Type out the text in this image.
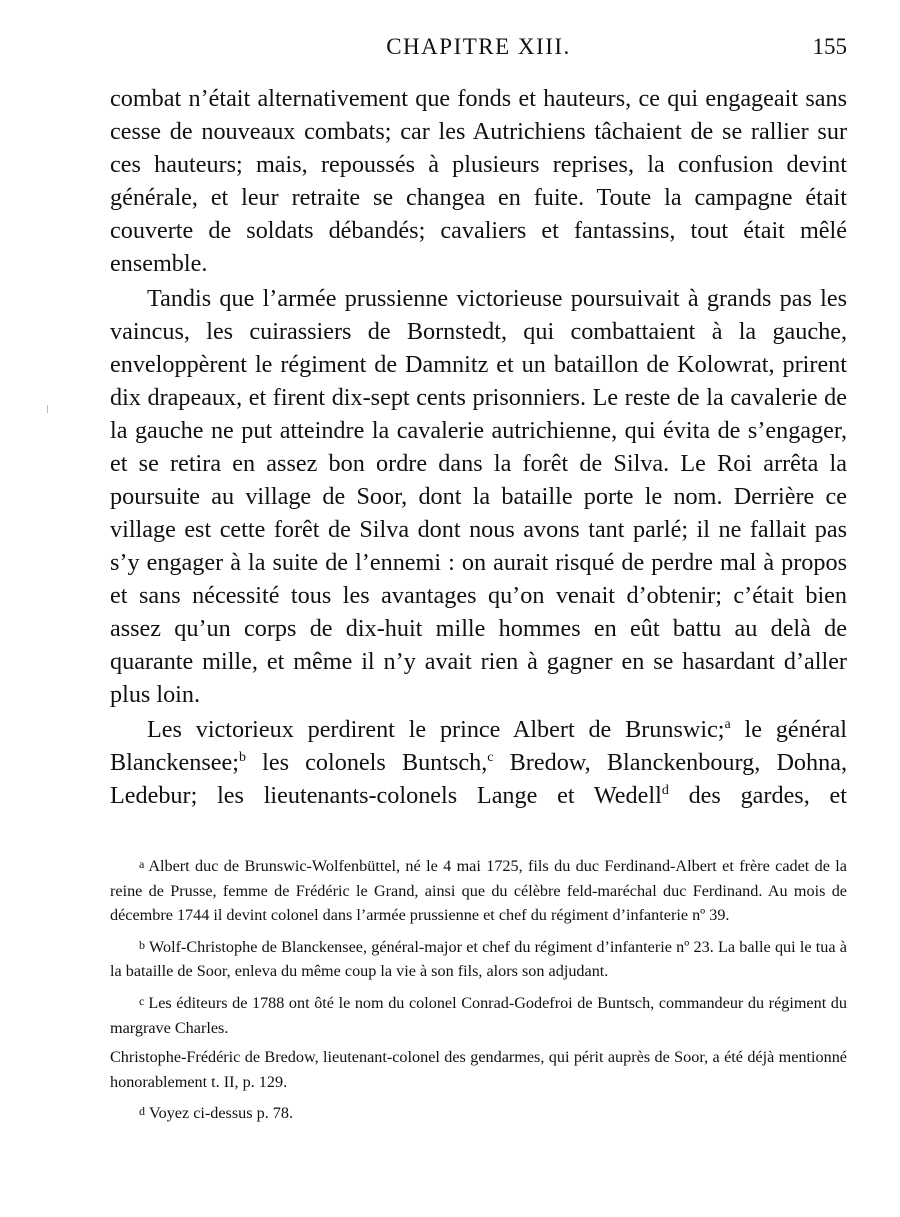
CHAPITRE XIII.	155

combat n’était alternativement que fonds et hauteurs, ce qui engageait sans cesse de nouveaux combats; car les Autrichiens tâchaient de se rallier sur ces hauteurs; mais, repoussés à plusieurs reprises, la confusion devint générale, et leur retraite se changea en fuite. Toute la campagne était couverte de soldats débandés; cavaliers et fantassins, tout était mêlé ensemble.

Tandis que l’armée prussienne victorieuse poursuivait à grands pas les vaincus, les cuirassiers de Bornstedt, qui combattaient à la gauche, enveloppèrent le régiment de Damnitz et un bataillon de Kolowrat, prirent dix drapeaux, et firent dix-sept cents prisonniers. Le reste de la cavalerie de la gauche ne put atteindre la cavalerie autrichienne, qui évita de s’engager, et se retira en assez bon ordre dans la forêt de Silva. Le Roi arrêta la poursuite au village de Soor, dont la bataille porte le nom. Derrière ce village est cette forêt de Silva dont nous avons tant parlé; il ne fallait pas s’y engager à la suite de l’ennemi : on aurait risqué de perdre mal à propos et sans nécessité tous les avantages qu’on venait d’obtenir; c’était bien assez qu’un corps de dix-huit mille hommes en eût battu au delà de quarante mille, et même il n’y avait rien à gagner en se hasardant d’aller plus loin.

Les victorieux perdirent le prince Albert de Brunswic;$^a$ le général Blanckensee;$^b$ les colonels Buntsch,$^c$ Bredow, Blanckenbourg, Dohna, Ledebur; les lieutenants-colonels Lange et Wedell$^d$ des gardes, et

a Albert duc de Brunswic-Wolfenbüttel, né le 4 mai 1725, fils du duc Ferdinand-Albert et frère cadet de la reine de Prusse, femme de Frédéric le Grand, ainsi que du célèbre feld-maréchal duc Ferdinand. Au mois de décembre 1744 il devint colonel dans l’armée prussienne et chef du régiment d’infanterie nº 39.

b Wolf-Christophe de Blanckensee, général-major et chef du régiment d’infanterie nº 23. La balle qui le tua à la bataille de Soor, enleva du même coup la vie à son fils, alors son adjudant.

c Les éditeurs de 1788 ont ôté le nom du colonel Conrad-Godefroi de Buntsch, commandeur du régiment du margrave Charles.

Christophe-Frédéric de Bredow, lieutenant-colonel des gendarmes, qui périt auprès de Soor, a été déjà mentionné honorablement t. II, p. 129.

d Voyez ci-dessus p. 78.
